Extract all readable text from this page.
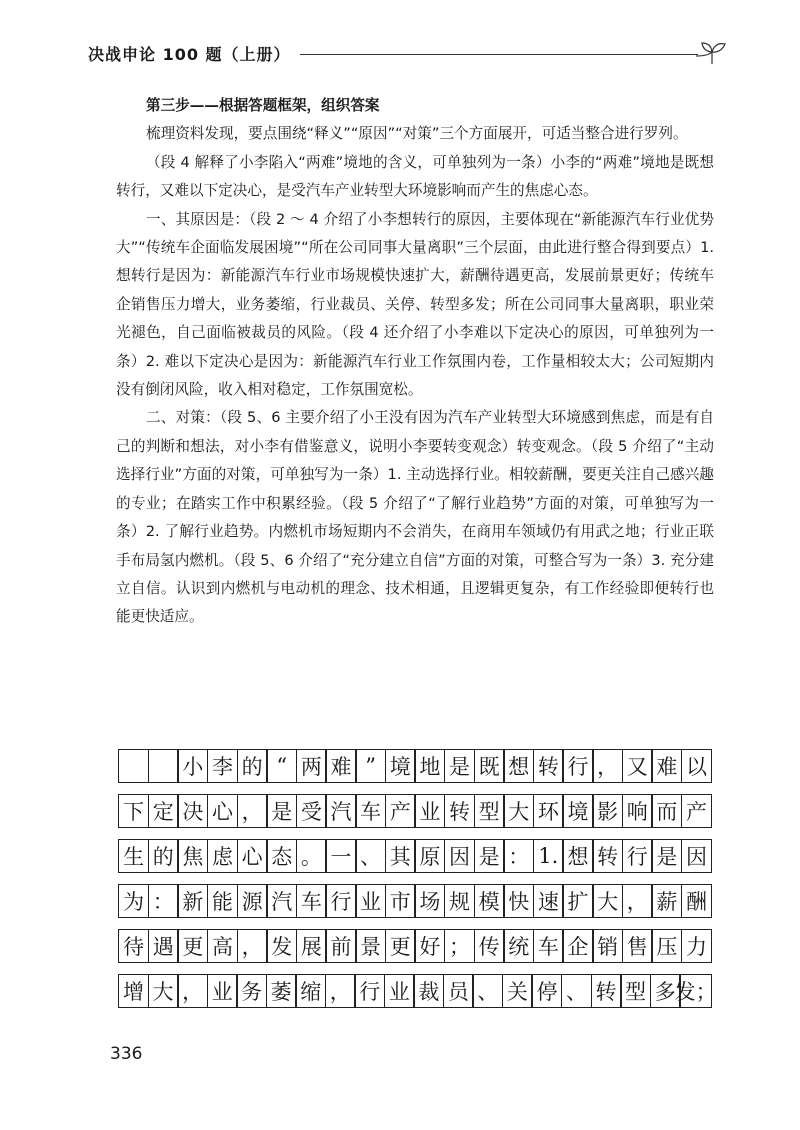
决战申论 100 题（上册）

第三步——根据答题框架，组织答案

梳理资料发现，要点围绕“释义”“原因”“对策”三个方面展开，可适当整合进行罗列。

（段 4 解释了小李陷入“两难”境地的含义，可单独列为一条）小李的“两难”境地是既想转行，又难以下定决心，是受汽车产业转型大环境影响而产生的焦虑心态。

一、其原因是：（段 2 ～ 4 介绍了小李想转行的原因，主要体现在“新能源汽车行业优势大”“传统车企面临发展困境”“所在公司同事大量离职”三个层面，由此进行整合得到要点）1. 想转行是因为：新能源汽车行业市场规模快速扩大，薪酬待遇更高，发展前景更好；传统车企销售压力增大，业务萎缩，行业裁员、关停、转型多发；所在公司同事大量离职，职业荣光褪色，自己面临被裁员的风险。（段 4 还介绍了小李难以下定决心的原因，可单独列为一条）2. 难以下定决心是因为：新能源汽车行业工作氛围内卷，工作量相较太大；公司短期内没有倒闭风险，收入相对稳定，工作氛围宽松。

二、对策：（段 5、6 主要介绍了小王没有因为汽车产业转型大环境感到焦虑，而是有自己的判断和想法，对小李有借鉴意义，说明小李要转变观念）转变观念。（段 5 介绍了“主动选择行业”方面的对策，可单独写为一条）1. 主动选择行业。相较薪酬，要更关注自己感兴趣的专业；在踏实工作中积累经验。（段 5 介绍了“了解行业趋势”方面的对策，可单独写为一条）2. 了解行业趋势。内燃机市场短期内不会消失，在商用车领域仍有用武之地；行业正联手布局氢内燃机。（段 5、6 介绍了“充分建立自信”方面的对策，可整合写为一条）3. 充分建立自信。认识到内燃机与电动机的理念、技术相通，且逻辑更复杂，有工作经验即便转行也能更快适应。

小 李 的 “ 两 难 ” 境 地 是 既 想 转 行 ， 又 难 以
下 定 决 心 ， 是 受 汽 车 产 业 转 型 大 环 境 影 响 而 产
生 的 焦 虑 心 态 。 一 、 其 原 因 是 ： 1. 想 转 行 是 因
为 ： 新 能 源 汽 车 行 业 市 场 规 模 快 速 扩 大 ， 薪 酬
待 遇 更 高 ， 发 展 前 景 更 好 ； 传 统 车 企 销 售 压 力
增 大 ， 业 务 萎 缩 ， 行 业 裁 员 、 关 停 、 转 型 多 发；
336
